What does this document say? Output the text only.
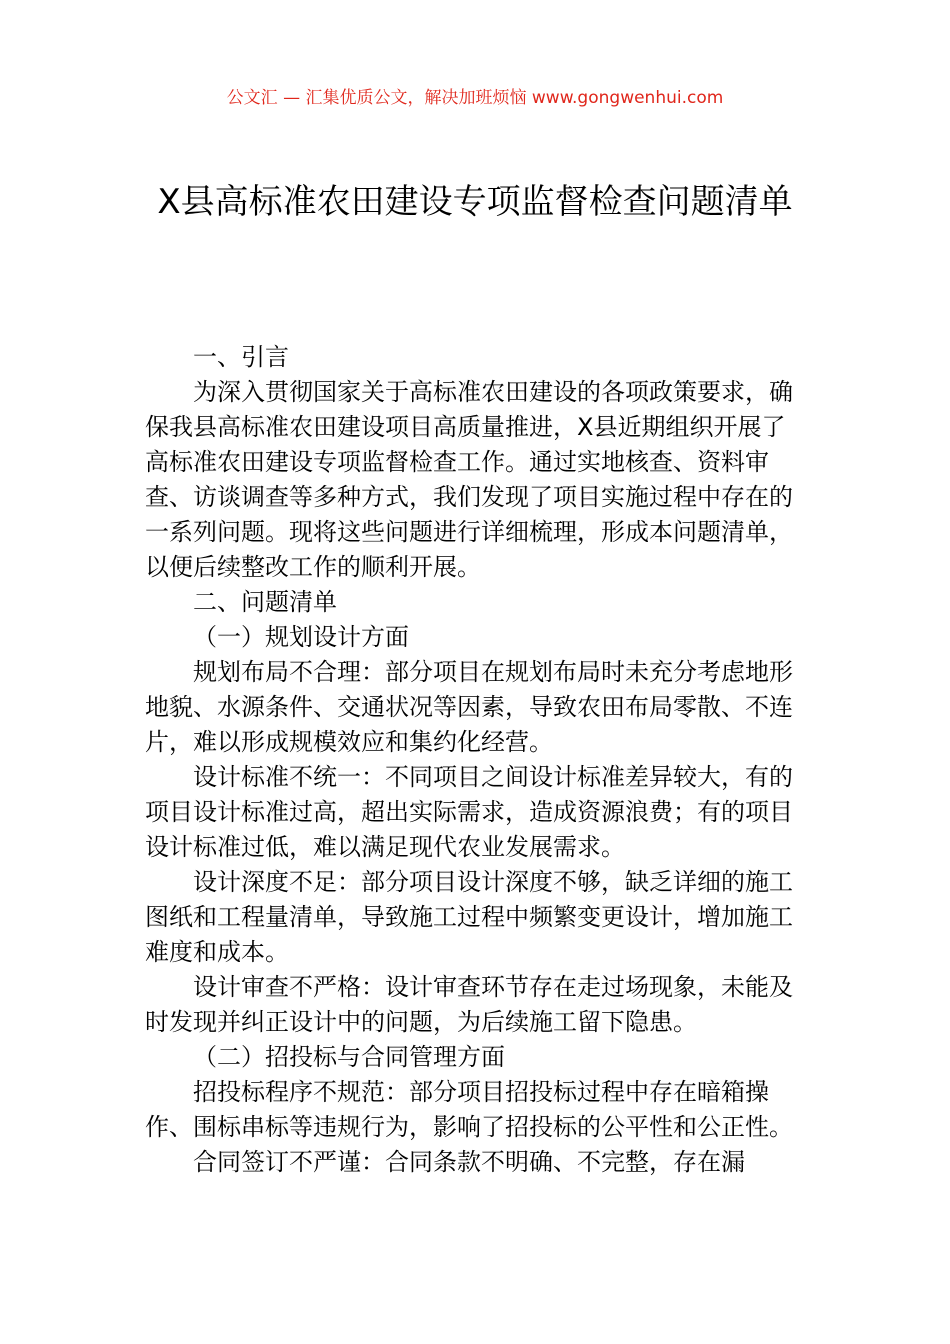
公文汇 — 汇集优质公文，解决加班烦恼 www.gongwenhui.com
X县高标准农田建设专项监督检查问题清单

一、引言

为深入贯彻国家关于高标准农田建设的各项政策要求，确保我县高标准农田建设项目高质量推进，X县近期组织开展了高标准农田建设专项监督检查工作。通过实地核查、资料审查、访谈调查等多种方式，我们发现了项目实施过程中存在的一系列问题。现将这些问题进行详细梳理，形成本问题清单，以便后续整改工作的顺利开展。

二、问题清单

（一）规划设计方面

规划布局不合理：部分项目在规划布局时未充分考虑地形地貌、水源条件、交通状况等因素，导致农田布局零散、不连片，难以形成规模效应和集约化经营。

设计标准不统一：不同项目之间设计标准差异较大，有的项目设计标准过高，超出实际需求，造成资源浪费；有的项目设计标准过低，难以满足现代农业发展需求。

设计深度不足：部分项目设计深度不够，缺乏详细的施工图纸和工程量清单，导致施工过程中频繁变更设计，增加施工难度和成本。

设计审查不严格：设计审查环节存在走过场现象，未能及时发现并纠正设计中的问题，为后续施工留下隐患。

（二）招投标与合同管理方面

招投标程序不规范：部分项目招投标过程中存在暗箱操作、围标串标等违规行为，影响了招投标的公平性和公正性。

合同签订不严谨：合同条款不明确、不完整，存在漏
